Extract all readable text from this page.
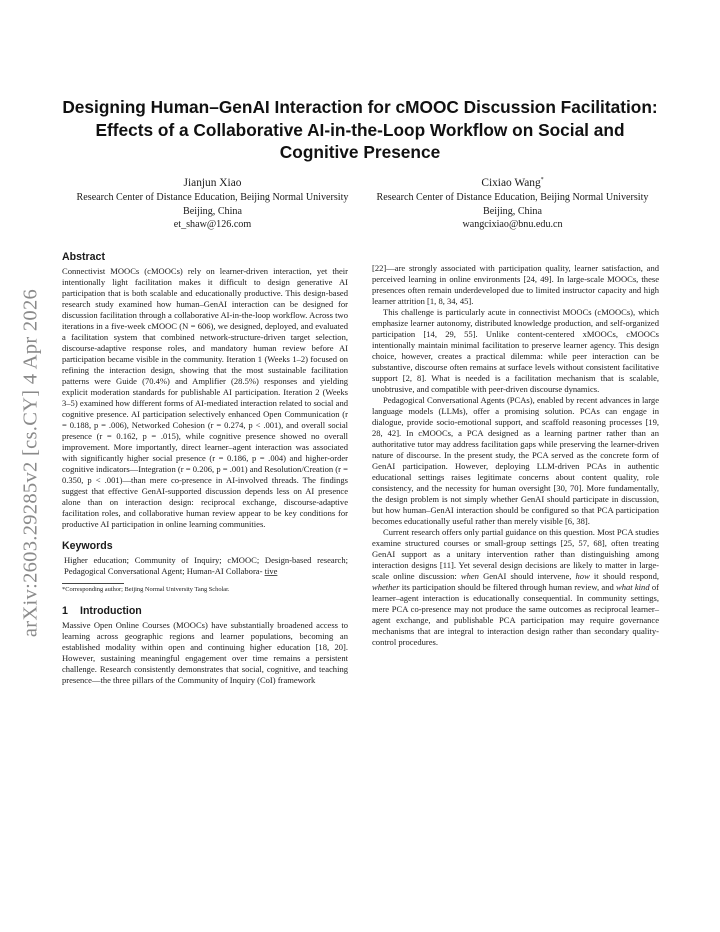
arXiv:2603.29285v2 [cs.CY] 4 Apr 2026
Designing Human–GenAI Interaction for cMOOC Discussion Facilitation: Effects of a Collaborative AI-in-the-Loop Workflow on Social and Cognitive Presence
Jianjun Xiao
Research Center of Distance Education, Beijing Normal University
Beijing, China
et_shaw@126.com
Cixiao Wang*
Research Center of Distance Education, Beijing Normal University
Beijing, China
wangcixiao@bnu.edu.cn
Abstract

Connectivist MOOCs (cMOOCs) rely on learner-driven interaction, yet their intentionally light facilitation makes it difficult to design generative AI participation that is both scalable and educationally productive. This design-based research study examined how human–GenAI interaction can be designed for discussion facilitation through a collaborative AI-in-the-loop workflow. Across two iterations in a five-week cMOOC (N = 606), we designed, deployed, and evaluated a facilitation system that combined network-structure-driven target selection, discourse-adaptive response roles, and mandatory human review before AI participation became visible in the community. Iteration 1 (Weeks 1–2) focused on refining the interaction design, showing that the most sustainable facilitation patterns were Guide (70.4%) and Amplifier (28.5%) responses and yielding explicit moderation standards for publishable AI participation. Iteration 2 (Weeks 3–5) examined how different forms of AI-mediated interaction related to social and cognitive presence. AI participation selectively enhanced Open Communication (r = 0.188, p = .006), Networked Cohesion (r = 0.274, p < .001), and overall social presence (r = 0.162, p = .015), while cognitive presence showed no overall improvement. More importantly, direct learner–agent interaction was associated with significantly higher social presence (r = 0.186, p = .004) and higher-order cognitive indicators—Integration (r = 0.206, p = .001) and Resolution/Creation (r = 0.350, p < .001)—than mere co-presence in AI-involved threads. The findings suggest that effective GenAI-supported discussion depends less on AI presence alone than on interaction design: reciprocal exchange, discourse-adaptive facilitation roles, and collaborative human review appear to be key conditions for productive AI participation in online learning communities.

Keywords

Higher education; Community of Inquiry; cMOOC; Design-based research; Pedagogical Conversational Agent; Human-AI Collabora- tive

*Corresponding author; Beijing Normal University Tang Scholar.

1 Introduction

Massive Open Online Courses (MOOCs) have substantially broadened access to learning across geographic regions and learner populations, becoming an established modality within open and continuing higher education [18, 20]. However, sustaining meaningful engagement over time remains a persistent challenge. Research consistently demonstrates that social, cognitive, and teaching presence—the three pillars of the Community of Inquiry (CoI) framework

[22]—are strongly associated with participation quality, learner satisfaction, and perceived learning in online environments [24, 49]. In large-scale MOOCs, these presences often remain underdeveloped due to limited instructor capacity and high learner attrition [1, 8, 34, 45].

This challenge is particularly acute in connectivist MOOCs (cMOOCs), which emphasize learner autonomy, distributed knowledge production, and self-organized participation [14, 29, 55]. Unlike content-centered xMOOCs, cMOOCs intentionally maintain minimal facilitation to preserve learner agency. This design choice, however, creates a practical dilemma: while peer interaction can be substantive, discourse often remains at surface levels without consistent facilitative support [2, 8]. What is needed is a facilitation mechanism that is scalable, unobtrusive, and compatible with peer-driven discourse dynamics.

Pedagogical Conversational Agents (PCAs), enabled by recent advances in large language models (LLMs), offer a promising solution. PCAs can engage in dialogue, provide socio-emotional support, and scaffold reasoning processes [19, 28, 42]. In cMOOCs, a PCA designed as a learning partner rather than an authoritative tutor may address facilitation gaps while preserving the learner-driven nature of discourse. In the present study, the PCA served as the concrete form of GenAI participation. However, deploying LLM-driven PCAs in authentic educational settings raises legitimate concerns about content quality, role consistency, and the necessity for human oversight [30, 70]. More fundamentally, the design problem is not simply whether GenAI should participate in discussion, but how human–GenAI interaction should be configured so that PCA participation becomes educationally useful rather than merely visible [6, 38].

Current research offers only partial guidance on this question. Most PCA studies examine structured courses or small-group settings [25, 57, 68], often treating GenAI support as a unitary intervention rather than distinguishing among interaction designs [11]. Yet several design decisions are likely to matter in large-scale online discussion: when GenAI should intervene, how it should respond, whether its participation should be filtered through human review, and what kind of learner–agent interaction is educationally consequential. In community settings, mere PCA co-presence may not produce the same outcomes as reciprocal learner–agent exchange, and publishable PCA participation may require governance mechanisms that are integral to interaction design rather than secondary quality-control procedures.
